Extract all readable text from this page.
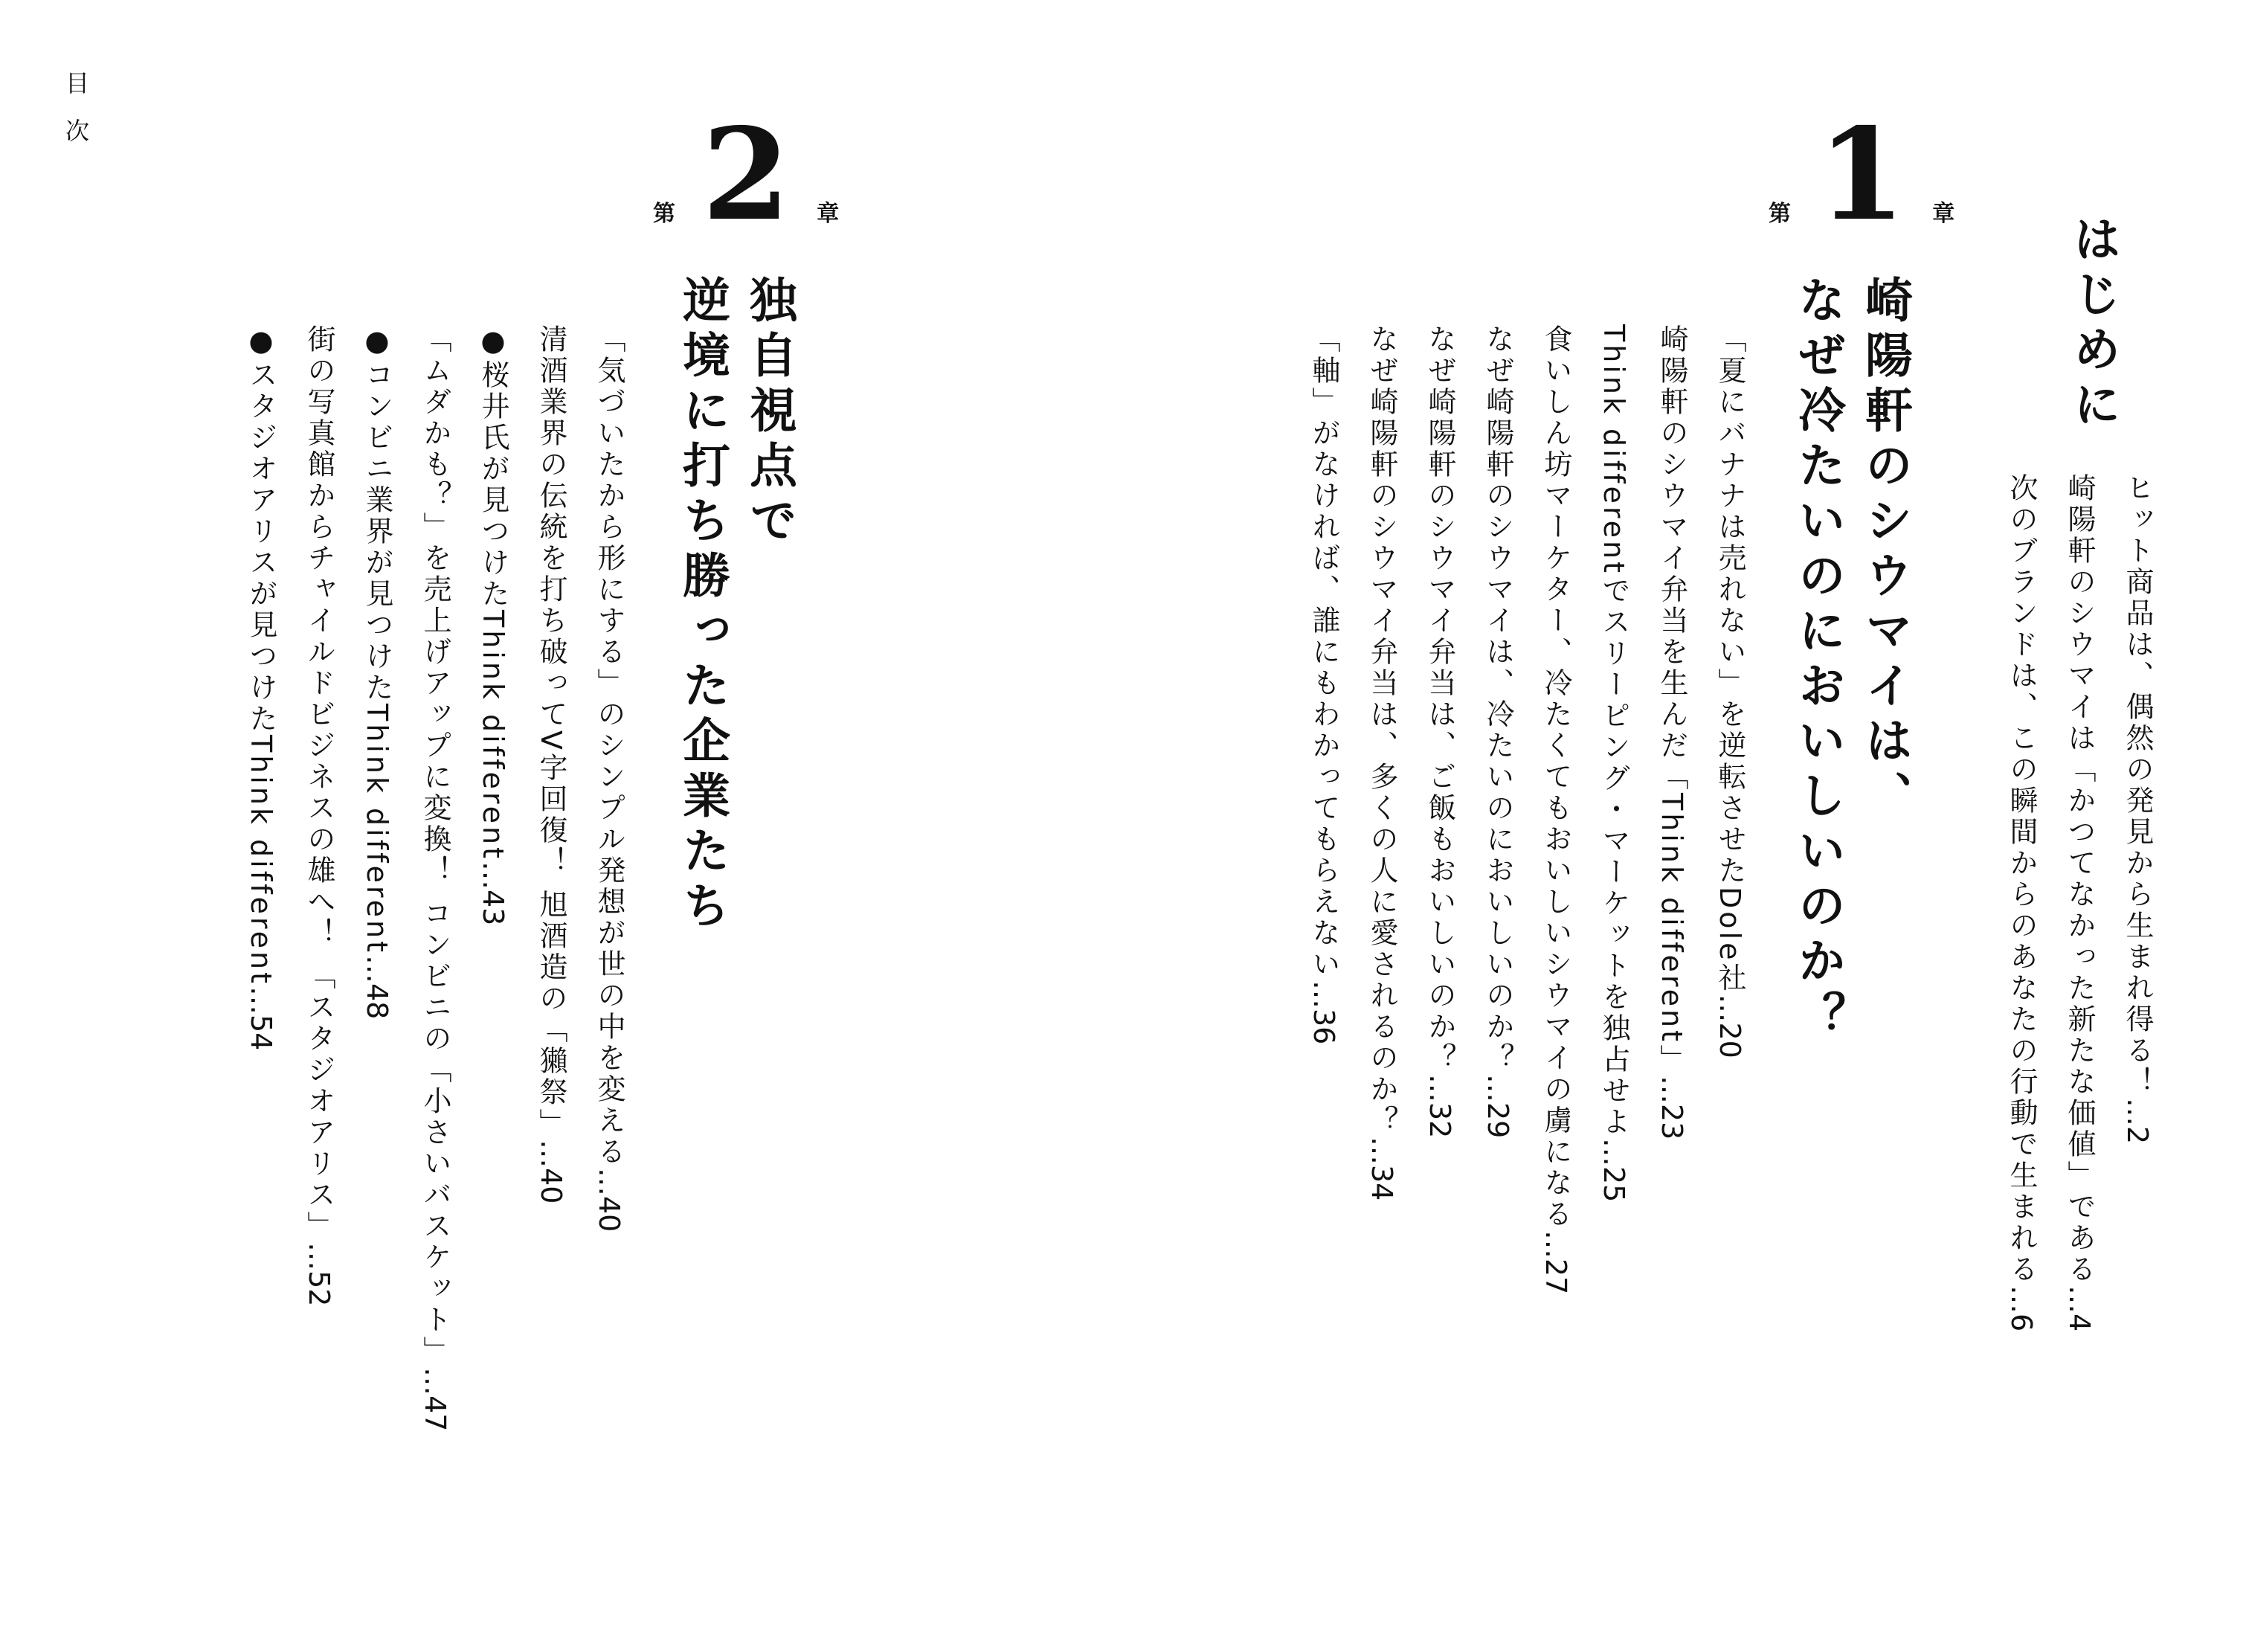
目
次
はじめに
ヒット商品は、偶然の発見から生まれ得る！…2
崎陽軒のシウマイは「かつてなかった新たな価値」である…4
次のブランドは、この瞬間からのあなたの行動で生まれる…6
第 1 章
崎陽軒のシウマイは、
なぜ冷たいのにおいしいのか？
「夏にバナナは売れない」を逆転させたDole社…20
崎陽軒のシウマイ弁当を生んだ「Think different」…23
Think differentでスリーピング・マーケットを独占せよ…25
食いしん坊マーケター、冷たくてもおいしいシウマイの虜になる…27
なぜ崎陽軒のシウマイは、冷たいのにおいしいのか？…29
なぜ崎陽軒のシウマイ弁当は、ご飯もおいしいのか？…32
なぜ崎陽軒のシウマイ弁当は、多くの人に愛されるのか？…34
「軸」がなければ、誰にもわかってもらえない…36
第 2 章
独自視点で
逆境に打ち勝った企業たち
「気づいたから形にする」のシンプル発想が世の中を変える…40
清酒業界の伝統を打ち破ってV字回復！ 旭酒造の「獺祭」…40
●桜井氏が見つけたThink different…43
「ムダかも？」を売上げアップに変換！ コンビニの「小さいバスケット」…47
●コンビニ業界が見つけたThink different…48
街の写真館からチャイルドビジネスの雄へ！ 「スタジオアリス」…52
●スタジオアリスが見つけたThink different…54
